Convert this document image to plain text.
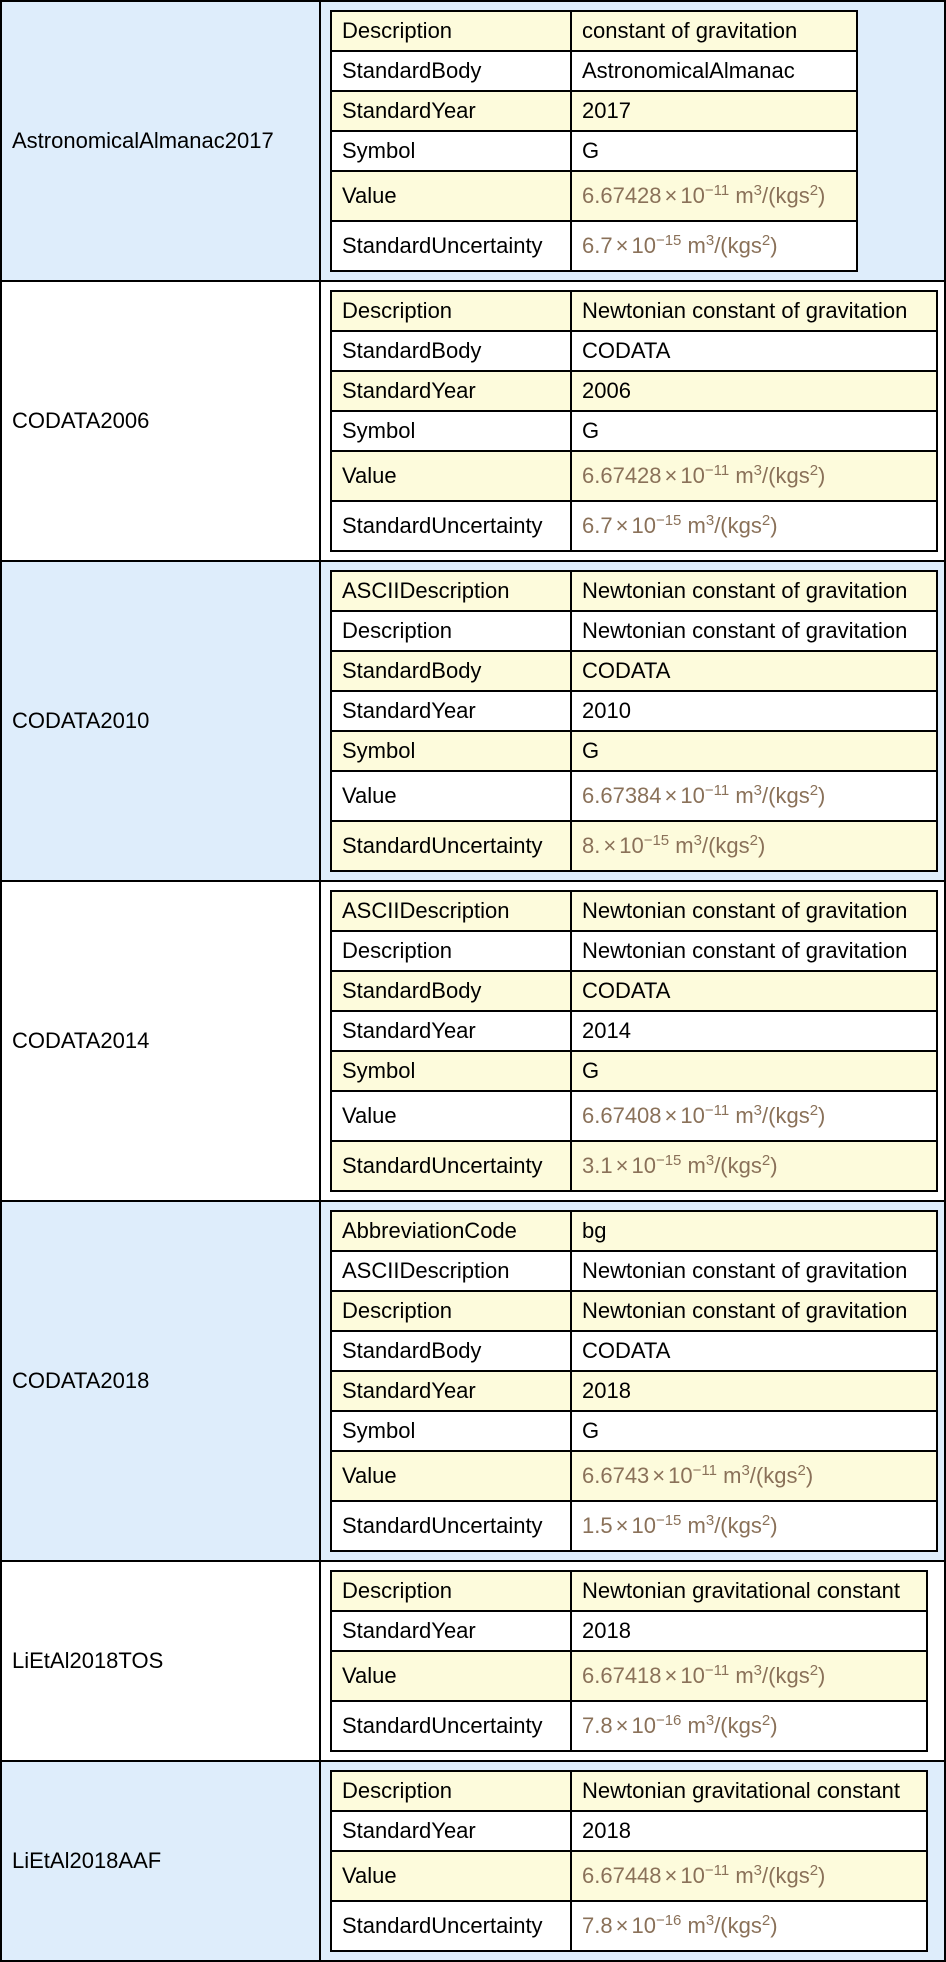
AstronomicalAlmanac2017	
Description	constant of gravitation
StandardBody	AstronomicalAlmanac
StandardYear	2017
Symbol	G
Value	$6.67428 \times 10^{-11}$ $m^3/(kgs^2)$
StandardUncertainty	$6.7 \times 10^{-15}$ $m^3/(kgs^2)$

CODATA2006	
Description	Newtonian constant of gravitation
StandardBody	CODATA
StandardYear	2006
Symbol	G
Value	$6.67428 \times 10^{-11}$ $m^3/(kgs^2)$
StandardUncertainty	$6.7 \times 10^{-15}$ $m^3/(kgs^2)$

CODATA2010	
ASCIIDescription	Newtonian constant of gravitation
Description	Newtonian constant of gravitation
StandardBody	CODATA
StandardYear	2010
Symbol	G
Value	$6.67384 \times 10^{-11}$ $m^3/(kgs^2)$
StandardUncertainty	8. × $10^{-15}$ $m^3/(kgs^2)$

CODATA2014	
ASCIIDescription	Newtonian constant of gravitation
Description	Newtonian constant of gravitation
StandardBody	CODATA
StandardYear	2014
Symbol	G
Value	$6.67408 \times 10^{-11}$ $m^3/(kgs^2)$
StandardUncertainty	$3.1 \times 10^{-15}$ $m^3/(kgs^2)$

CODATA2018	
AbbreviationCode	bg
ASCIIDescription	Newtonian constant of gravitation
Description	Newtonian constant of gravitation
StandardBody	CODATA
StandardYear	2018
Symbol	G
Value	$6.6743 \times 10^{-11}$ $m^3/(kgs^2)$
StandardUncertainty	$1.5 \times 10^{-15}$ $m^3/(kgs^2)$

LiEtAl2018TOS	
Description	Newtonian gravitational constant
StandardYear	2018
Value	$6.67418 \times 10^{-11}$ $m^3/(kgs^2)$
StandardUncertainty	$7.8 \times 10^{-16}$ $m^3/(kgs^2)$

LiEtAl2018AAF	
Description	Newtonian gravitational constant
StandardYear	2018
Value	$6.67448 \times 10^{-11}$ $m^3/(kgs^2)$
StandardUncertainty	$7.8 \times 10^{-16}$ $m^3/(kgs^2)$
